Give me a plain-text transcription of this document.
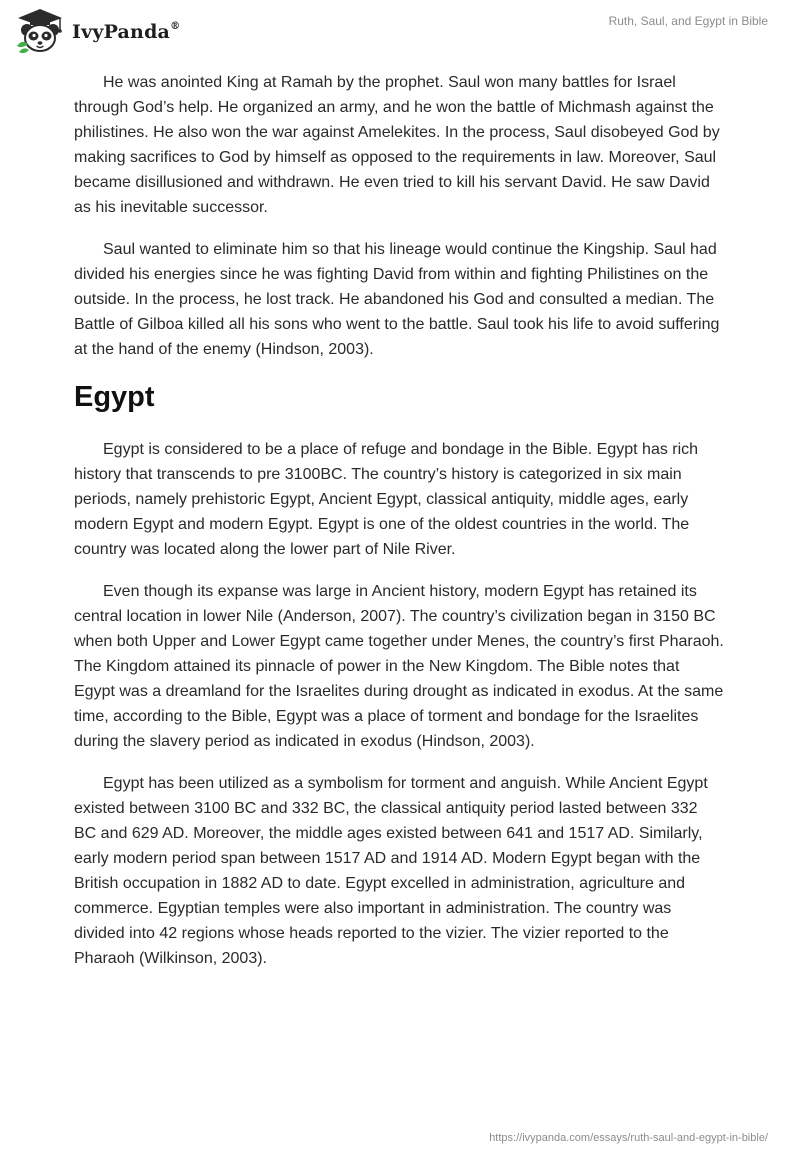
IvyPanda®	Ruth, Saul, and Egypt in Bible

He was anointed King at Ramah by the prophet. Saul won many battles for Israel through God’s help. He organized an army, and he won the battle of Michmash against the philistines. He also won the war against Amelekites. In the process, Saul disobeyed God by making sacrifices to God by himself as opposed to the requirements in law. Moreover, Saul became disillusioned and withdrawn. He even tried to kill his servant David. He saw David as his inevitable successor.

Saul wanted to eliminate him so that his lineage would continue the Kingship. Saul had divided his energies since he was fighting David from within and fighting Philistines on the outside. In the process, he lost track. He abandoned his God and consulted a median. The Battle of Gilboa killed all his sons who went to the battle. Saul took his life to avoid suffering at the hand of the enemy (Hindson, 2003).

Egypt

Egypt is considered to be a place of refuge and bondage in the Bible. Egypt has rich history that transcends to pre 3100BC. The country’s history is categorized in six main periods, namely prehistoric Egypt, Ancient Egypt, classical antiquity, middle ages, early modern Egypt and modern Egypt. Egypt is one of the oldest countries in the world. The country was located along the lower part of Nile River.

Even though its expanse was large in Ancient history, modern Egypt has retained its central location in lower Nile (Anderson, 2007). The country’s civilization began in 3150 BC when both Upper and Lower Egypt came together under Menes, the country’s first Pharaoh. The Kingdom attained its pinnacle of power in the New Kingdom. The Bible notes that Egypt was a dreamland for the Israelites during drought as indicated in exodus. At the same time, according to the Bible, Egypt was a place of torment and bondage for the Israelites during the slavery period as indicated in exodus (Hindson, 2003).

Egypt has been utilized as a symbolism for torment and anguish. While Ancient Egypt existed between 3100 BC and 332 BC, the classical antiquity period lasted between 332 BC and 629 AD. Moreover, the middle ages existed between 641 and 1517 AD. Similarly, early modern period span between 1517 AD and 1914 AD. Modern Egypt began with the British occupation in 1882 AD to date. Egypt excelled in administration, agriculture and commerce. Egyptian temples were also important in administration. The country was divided into 42 regions whose heads reported to the vizier. The vizier reported to the Pharaoh (Wilkinson, 2003).

https://ivypanda.com/essays/ruth-saul-and-egypt-in-bible/
